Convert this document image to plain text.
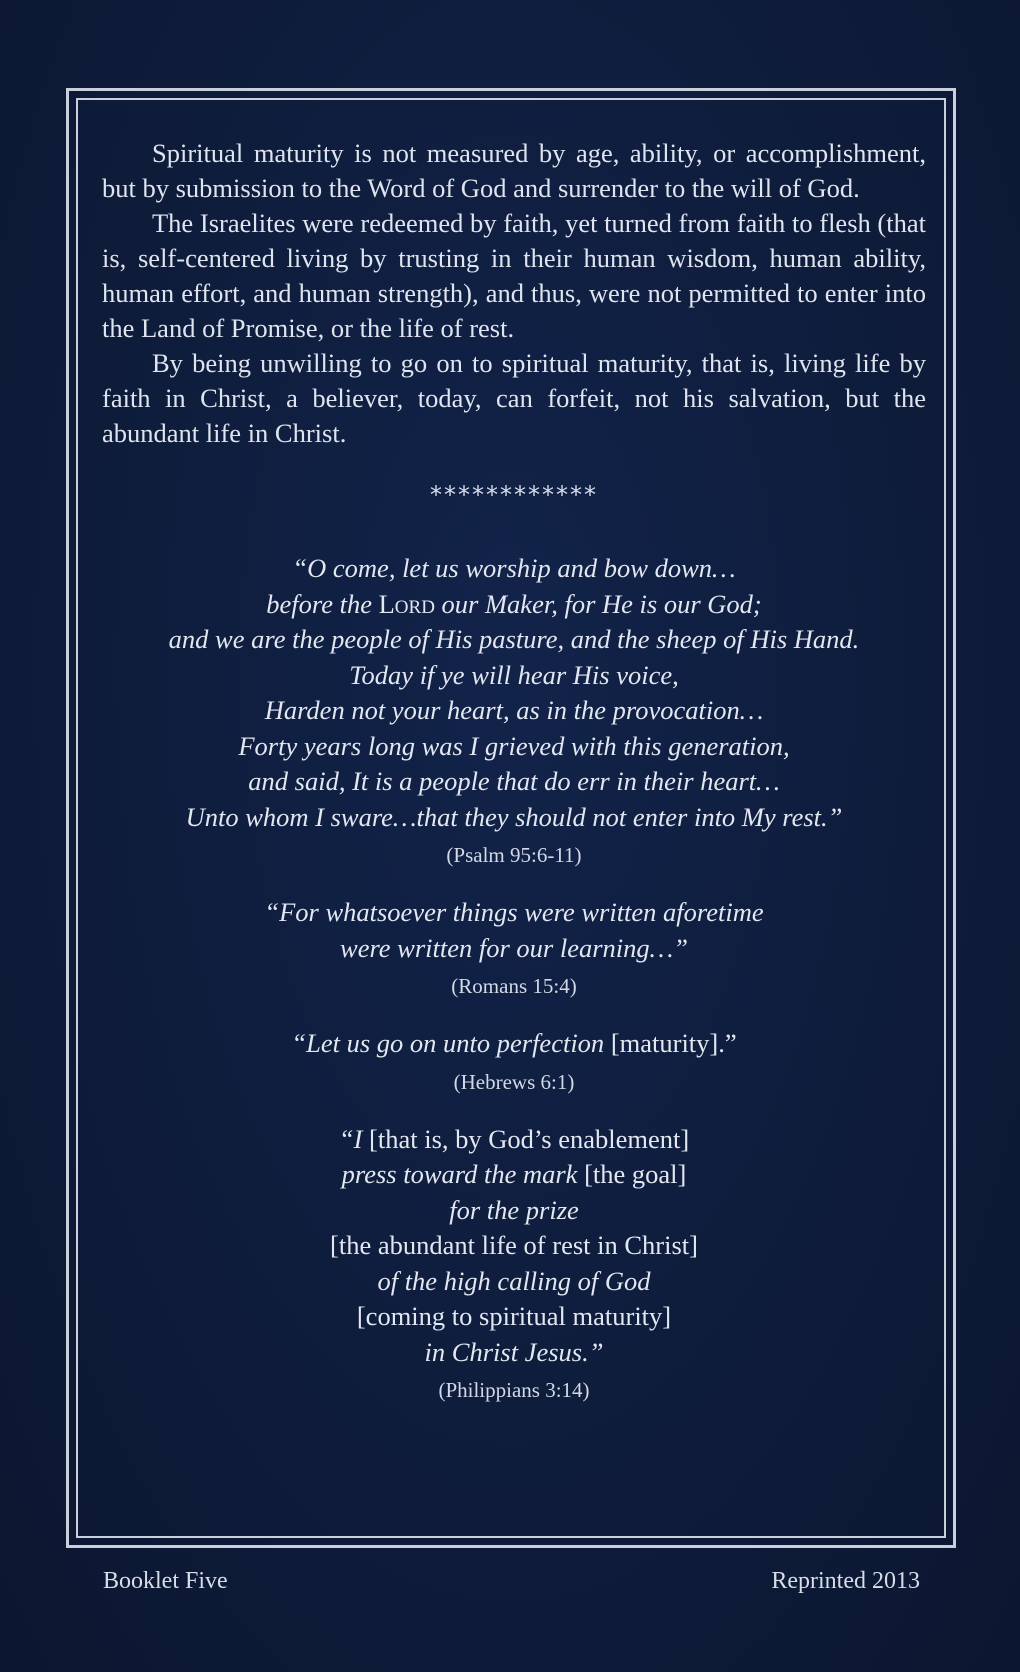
Spiritual maturity is not measured by age, ability, or accomplishment, but by submission to the Word of God and surrender to the will of God.

The Israelites were redeemed by faith, yet turned from faith to flesh (that is, self-centered living by trusting in their human wisdom, human ability, human effort, and human strength), and thus, were not permitted to enter into the Land of Promise, or the life of rest.

By being unwilling to go on to spiritual maturity, that is, living life by faith in Christ, a believer, today, can forfeit, not his salvation, but the abundant life in Christ.

************

“O come, let us worship and bow down…
before the Lord our Maker, for He is our God;
and we are the people of His pasture, and the sheep of His Hand.
Today if ye will hear His voice,
Harden not your heart, as in the provocation…
Forty years long was I grieved with this generation,
and said, It is a people that do err in their heart…
Unto whom I sware…that they should not enter into My rest.”

(Psalm 95:6-11)

“For whatsoever things were written aforetime
were written for our learning…”

(Romans 15:4)

“Let us go on unto perfection [maturity].”

(Hebrews 6:1)

“I [that is, by God’s enablement]
press toward the mark [the goal]
for the prize
[the abundant life of rest in Christ]
of the high calling of God
[coming to spiritual maturity]
in Christ Jesus.”

(Philippians 3:14)

Booklet Five	Reprinted 2013
